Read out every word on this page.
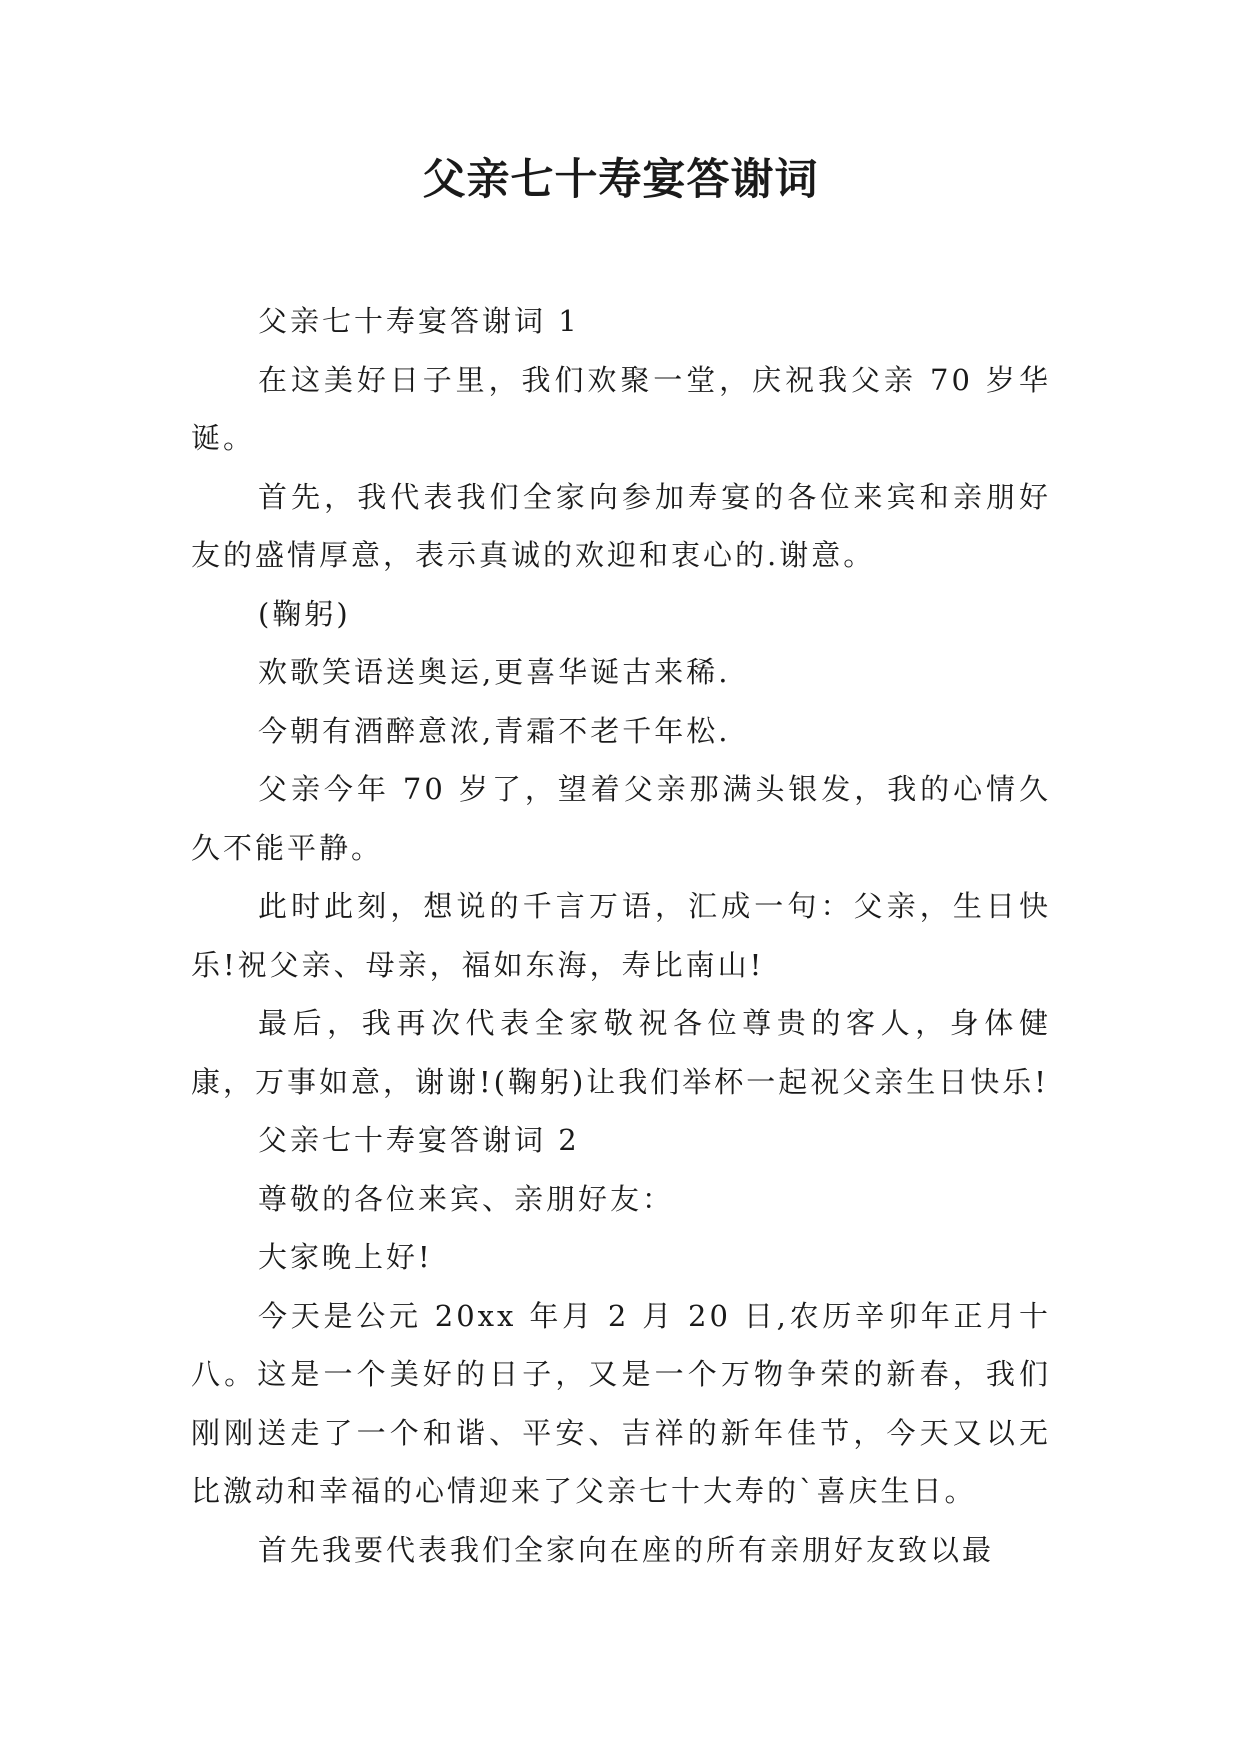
父亲七十寿宴答谢词

父亲七十寿宴答谢词 1

在这美好日子里，我们欢聚一堂，庆祝我父亲 70 岁华诞。

首先，我代表我们全家向参加寿宴的各位来宾和亲朋好友的盛情厚意，表示真诚的欢迎和衷心的.谢意。

(鞠躬)

欢歌笑语送奥运,更喜华诞古来稀.

今朝有酒醉意浓,青霜不老千年松.

父亲今年 70 岁了，望着父亲那满头银发，我的心情久久不能平静。

此时此刻，想说的千言万语，汇成一句：父亲，生日快乐!祝父亲、母亲，福如东海，寿比南山!

最后，我再次代表全家敬祝各位尊贵的客人，身体健康，万事如意，谢谢!(鞠躬)让我们举杯一起祝父亲生日快乐!

父亲七十寿宴答谢词 2

尊敬的各位来宾、亲朋好友：

大家晚上好!

今天是公元 20xx 年月 2 月 20 日,农历辛卯年正月十八。这是一个美好的日子，又是一个万物争荣的新春，我们刚刚送走了一个和谐、平安、吉祥的新年佳节，今天又以无比激动和幸福的心情迎来了父亲七十大寿的`喜庆生日。

首先我要代表我们全家向在座的所有亲朋好友致以最
